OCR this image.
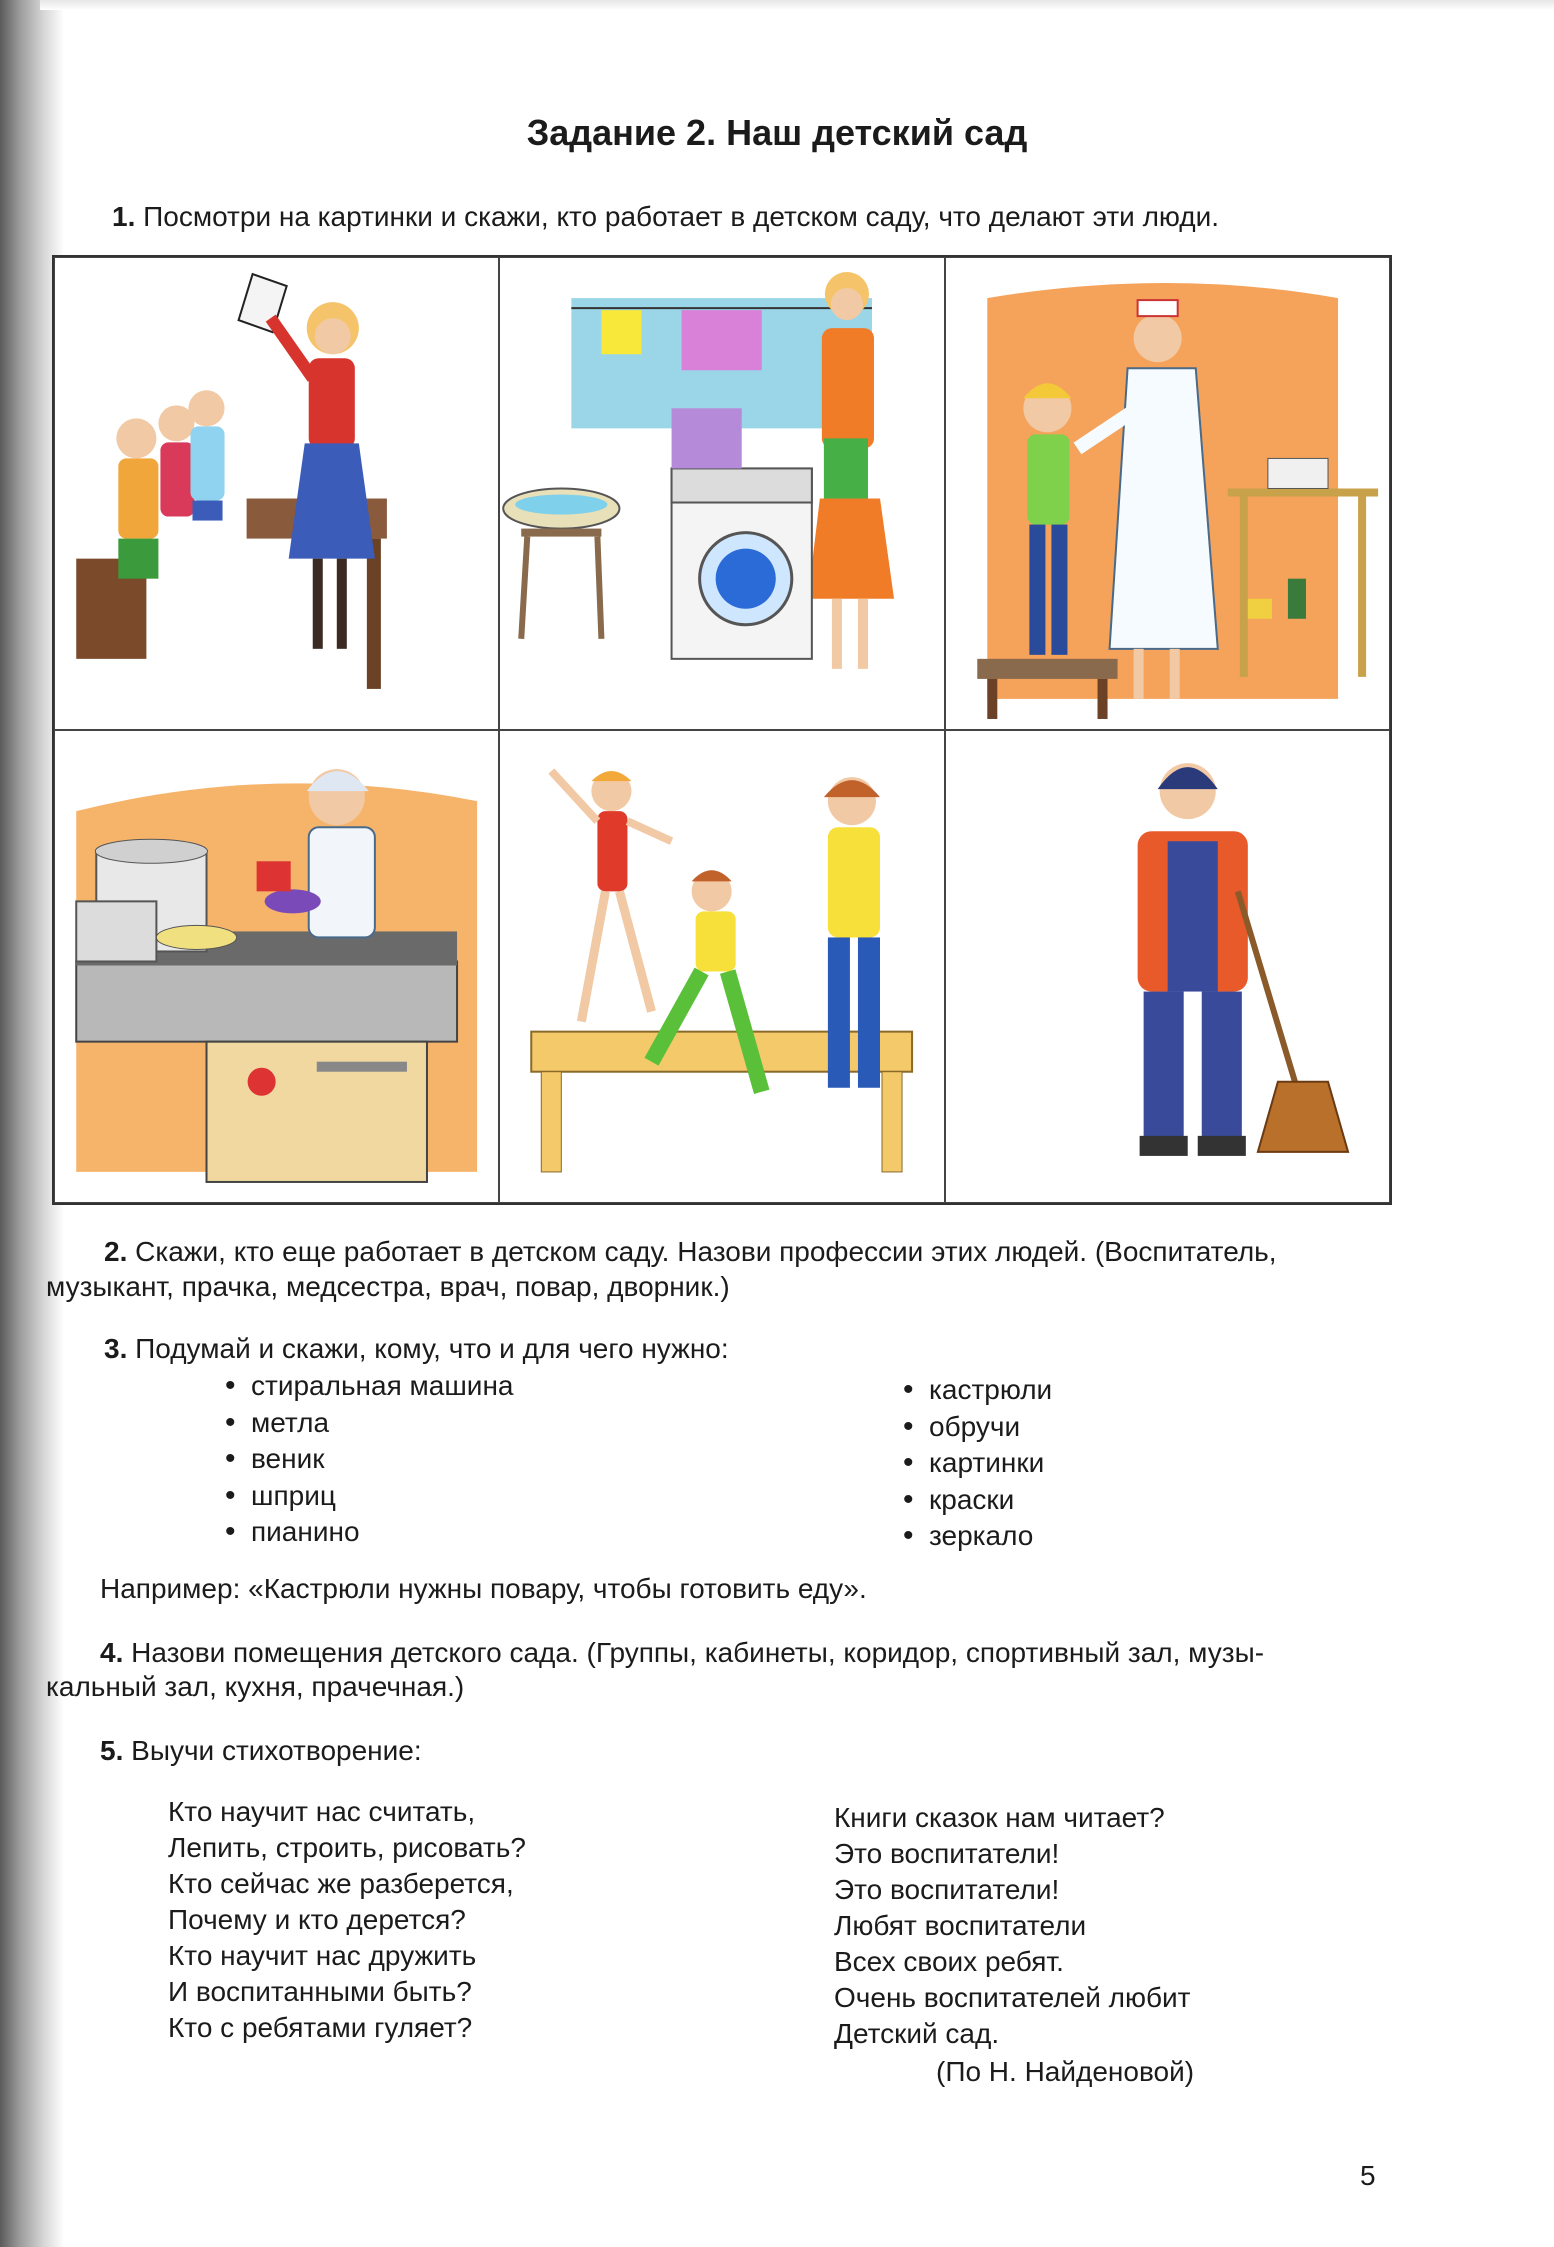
Задание 2. Наш детский сад
1. Посмотри на картинки и скажи, кто работает в детском саду, что делают эти люди.
2. Скажи, кто еще работает в детском саду. Назови профессии этих людей. (Воспитатель,
музыкант, прачка, медсестра, врач, повар, дворник.)
3. Подумай и скажи, кому, что и для чего нужно:
• стиральная машина
• метла
• веник
• шприц
• пианино
• кастрюли
• обручи
• картинки
• краски
• зеркало
Например: «Кастрюли нужны повару, чтобы готовить еду».
4. Назови помещения детского сада. (Группы, кабинеты, коридор, спортивный зал, музы-
кальный зал, кухня, прачечная.)
5. Выучи стихотворение:
Кто научит нас считать,
Лепить, строить, рисовать?
Кто сейчас же разберется,
Почему и кто дерется?
Кто научит нас дружить
И воспитанными быть?
Кто с ребятами гуляет?
Книги сказок нам читает?
Это воспитатели!
Это воспитатели!
Любят воспитатели
Всех своих ребят.
Очень воспитателей любит
Детский сад.
(По Н. Найденовой)
5
